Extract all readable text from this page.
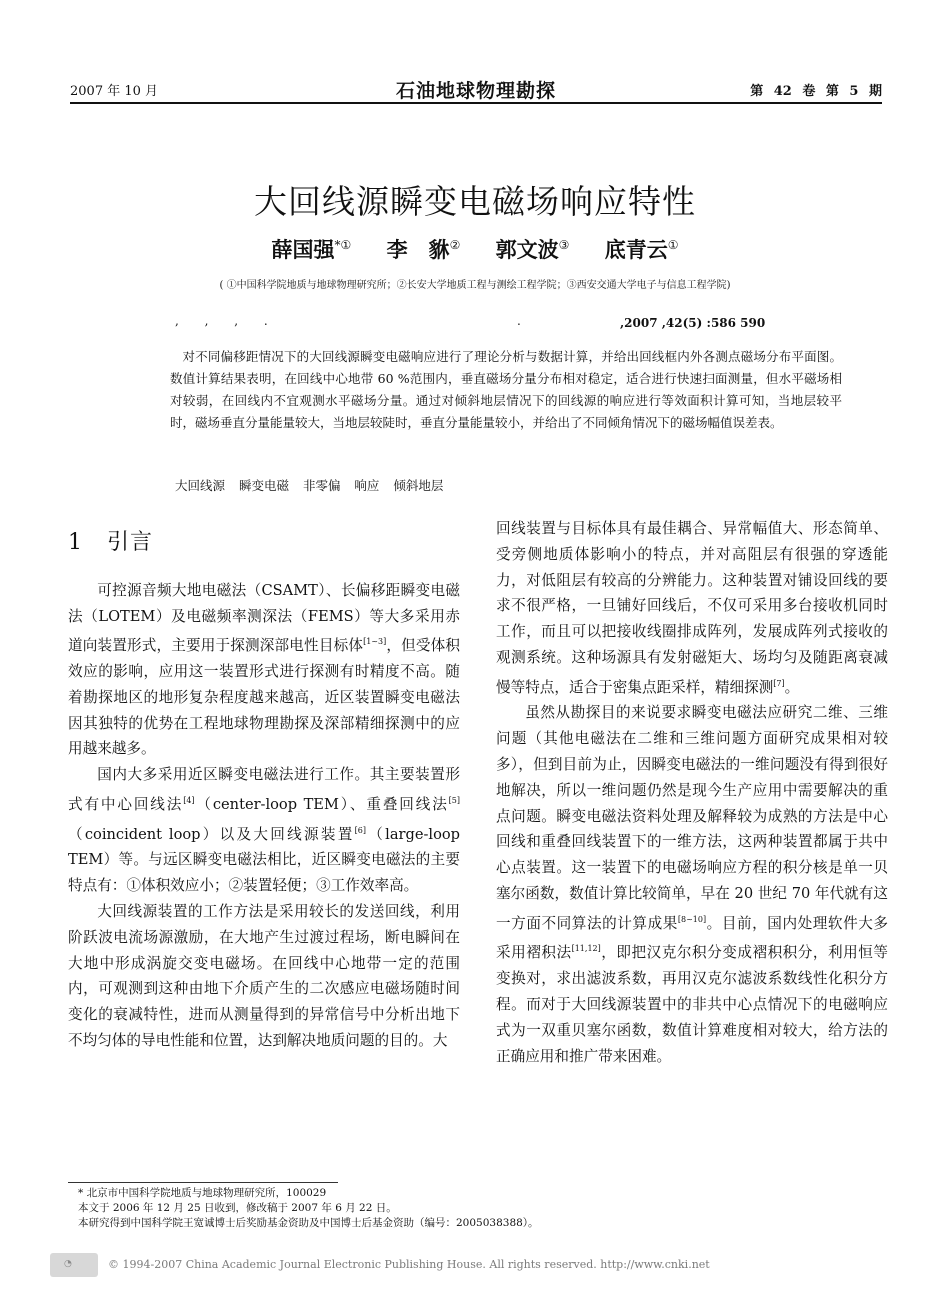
2007 年 10 月	石油地球物理勘探	第 42 卷 第 5 期
大回线源瞬变电磁场响应特性
薛国强*① 李　貅② 郭文波③ 底青云①
( ①中国科学院地质与地球物理研究所；②长安大学地质工程与测绘工程学院；③西安交通大学电子与信息工程学院)
, , , .	.	,2007 ,42(5) :586 590

对不同偏移距情况下的大回线源瞬变电磁响应进行了理论分析与数据计算，并给出回线框内外各测点磁场分布平面图。数值计算结果表明，在回线中心地带 60 %范围内，垂直磁场分量分布相对稳定，适合进行快速扫面测量，但水平磁场相对较弱，在回线内不宜观测水平磁场分量。通过对倾斜地层情况下的回线源的响应进行等效面积计算可知，当地层较平时，磁场垂直分量能量较大，当地层较陡时，垂直分量能量较小，并给出了不同倾角情况下的磁场幅值误差表。

大回线源 瞬变电磁 非零偏 响应 倾斜地层
1 引言

可控源音频大地电磁法（CSAMT）、长偏移距瞬变电磁法（LOTEM）及电磁频率测深法（FEMS）等大多采用赤道向装置形式，主要用于探测深部电性目标体[1~3]，但受体积效应的影响，应用这一装置形式进行探测有时精度不高。随着勘探地区的地形复杂程度越来越高，近区装置瞬变电磁法因其独特的优势在工程地球物理勘探及深部精细探测中的应用越来越多。

国内大多采用近区瞬变电磁法进行工作。其主要装置形式有中心回线法[4]（center-loop TEM）、重叠回线法[5]（coincident loop）以及大回线源装置[6]（large-loop TEM）等。与远区瞬变电磁法相比，近区瞬变电磁法的主要特点有：①体积效应小；②装置轻便；③工作效率高。

大回线源装置的工作方法是采用较长的发送回线，利用阶跃波电流场源激励，在大地产生过渡过程场，断电瞬间在大地中形成涡旋交变电磁场。在回线中心地带一定的范围内，可观测到这种由地下介质产生的二次感应电磁场随时间变化的衰减特性，进而从测量得到的异常信号中分析出地下不均匀体的导电性能和位置，达到解决地质问题的目的。大

回线装置与目标体具有最佳耦合、异常幅值大、形态简单、受旁侧地质体影响小的特点，并对高阻层有很强的穿透能力，对低阻层有较高的分辨能力。这种装置对铺设回线的要求不很严格，一旦铺好回线后，不仅可采用多台接收机同时工作，而且可以把接收线圈排成阵列，发展成阵列式接收的观测系统。这种场源具有发射磁矩大、场均匀及随距离衰减慢等特点，适合于密集点距采样，精细探测[7]。

虽然从勘探目的来说要求瞬变电磁法应研究二维、三维问题（其他电磁法在二维和三维问题方面研究成果相对较多），但到目前为止，因瞬变电磁法的一维问题没有得到很好地解决，所以一维问题仍然是现今生产应用中需要解决的重点问题。瞬变电磁法资料处理及解释较为成熟的方法是中心回线和重叠回线装置下的一维方法，这两种装置都属于共中心点装置。这一装置下的电磁场响应方程的积分核是单一贝塞尔函数，数值计算比较简单，早在 20 世纪 70 年代就有这一方面不同算法的计算成果[8~10]。目前，国内处理软件大多采用褶积法[11,12]，即把汉克尔积分变成褶积积分，利用恒等变换对，求出滤波系数，再用汉克尔滤波系数线性化积分方程。而对于大回线源装置中的非共中心点情况下的电磁响应式为一双重贝塞尔函数，数值计算难度相对较大，给方法的正确应用和推广带来困难。

* 北京市中国科学院地质与地球物理研究所，100029
本文于 2006 年 12 月 25 日收到，修改稿于 2007 年 6 月 22 日。
本研究得到中国科学院王宽诚博士后奖励基金资助及中国博士后基金资助（编号：2005038388）。
◔	© 1994-2007 China Academic Journal Electronic Publishing House. All rights reserved. http://www.cnki.net
